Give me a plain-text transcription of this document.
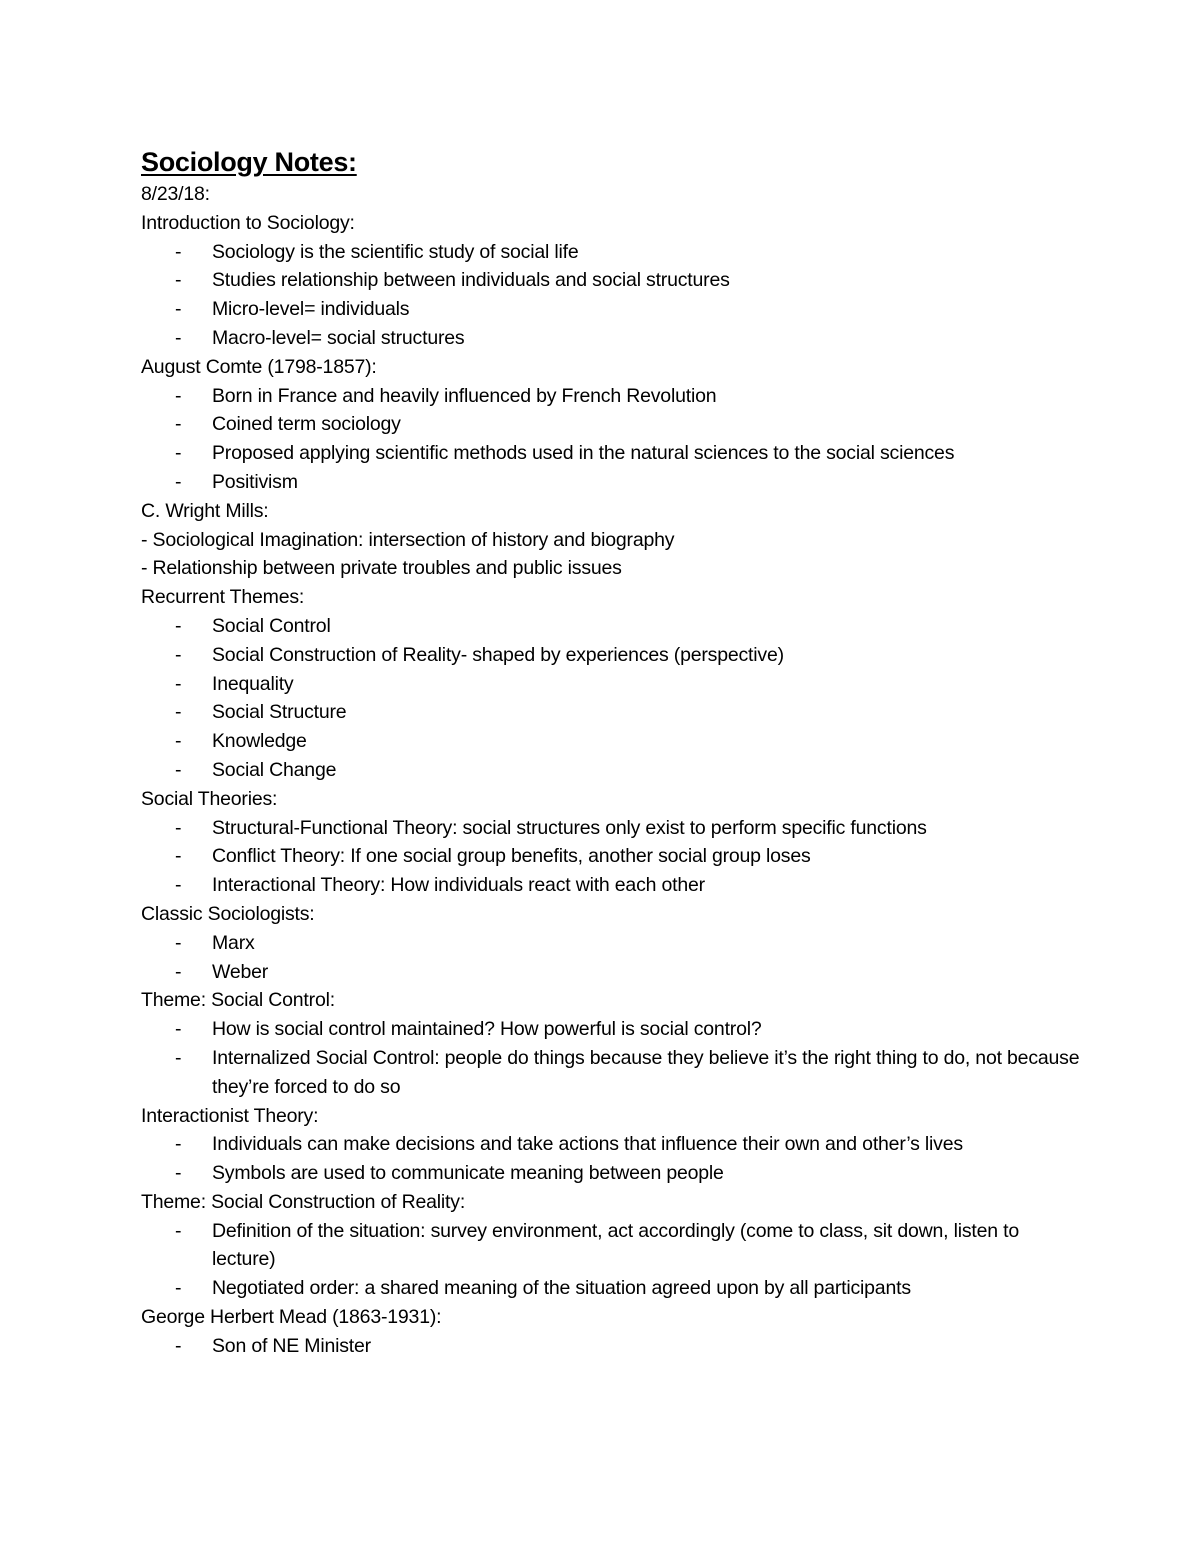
Sociology Notes:

8/23/18:

Introduction to Sociology:

- Sociology is the scientific study of social life
- Studies relationship between individuals and social structures
- Micro-level= individuals
- Macro-level= social structures

August Comte (1798-1857):

- Born in France and heavily influenced by French Revolution
- Coined term sociology
- Proposed applying scientific methods used in the natural sciences to the social sciences
- Positivism

C. Wright Mills:

- Sociological Imagination: intersection of history and biography

- Relationship between private troubles and public issues

Recurrent Themes:

- Social Control
- Social Construction of Reality- shaped by experiences (perspective)
- Inequality
- Social Structure
- Knowledge
- Social Change

Social Theories:

- Structural-Functional Theory: social structures only exist to perform specific functions
- Conflict Theory: If one social group benefits, another social group loses
- Interactional Theory: How individuals react with each other

Classic Sociologists:

- Marx
- Weber

Theme: Social Control:

- How is social control maintained? How powerful is social control?
- Internalized Social Control: people do things because they believe it’s the right thing to do, not because they’re forced to do so

Interactionist Theory:

- Individuals can make decisions and take actions that influence their own and other’s lives
- Symbols are used to communicate meaning between people

Theme: Social Construction of Reality:

- Definition of the situation: survey environment, act accordingly (come to class, sit down, listen to lecture)
- Negotiated order: a shared meaning of the situation agreed upon by all participants

George Herbert Mead (1863-1931):

- Son of NE Minister
